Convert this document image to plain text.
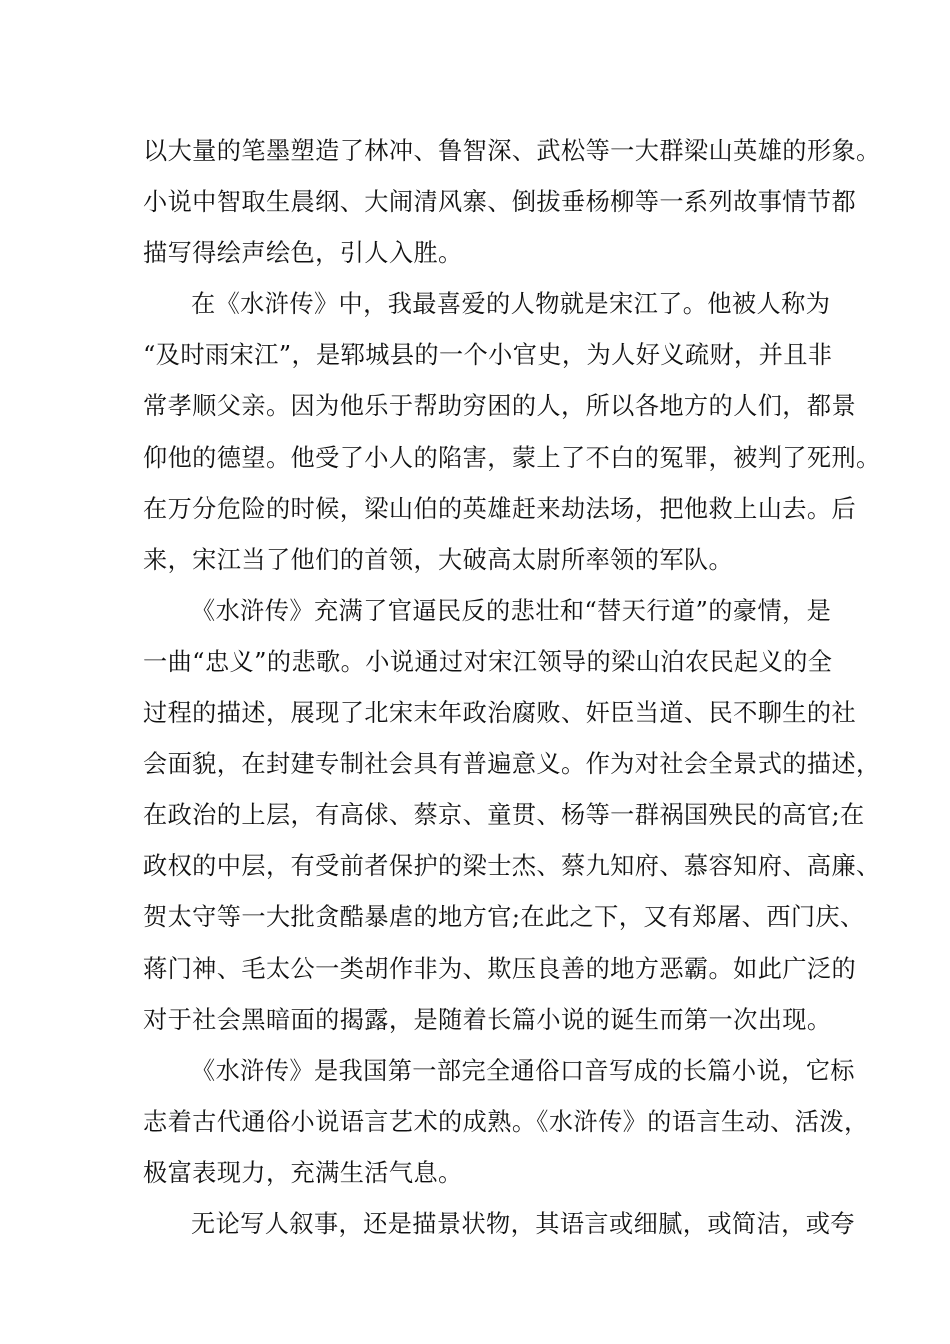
以大量的笔墨塑造了林冲、鲁智深、武松等一大群梁山英雄的形象。
小说中智取生晨纲、大闹清风寨、倒拔垂杨柳等一系列故事情节都
描写得绘声绘色，引人入胜。
在《水浒传》中，我最喜爱的人物就是宋江了。他被人称为
“及时雨宋江”，是郓城县的一个小官史，为人好义疏财，并且非
常孝顺父亲。因为他乐于帮助穷困的人，所以各地方的人们，都景
仰他的德望。他受了小人的陷害，蒙上了不白的冤罪，被判了死刑。
在万分危险的时候，梁山伯的英雄赶来劫法场，把他救上山去。后
来，宋江当了他们的首领，大破高太尉所率领的军队。
《水浒传》充满了官逼民反的悲壮和“替天行道”的豪情，是
一曲“忠义”的悲歌。小说通过对宋江领导的梁山泊农民起义的全
过程的描述，展现了北宋末年政治腐败、奸臣当道、民不聊生的社
会面貌，在封建专制社会具有普遍意义。作为对社会全景式的描述，
在政治的上层，有高俅、蔡京、童贯、杨等一群祸国殃民的高官;在
政权的中层，有受前者保护的梁士杰、蔡九知府、慕容知府、高廉、
贺太守等一大批贪酷暴虐的地方官;在此之下，又有郑屠、西门庆、
蒋门神、毛太公一类胡作非为、欺压良善的地方恶霸。如此广泛的
对于社会黑暗面的揭露，是随着长篇小说的诞生而第一次出现。
《水浒传》是我国第一部完全通俗口音写成的长篇小说，它标
志着古代通俗小说语言艺术的成熟。《水浒传》的语言生动、活泼，
极富表现力，充满生活气息。
无论写人叙事，还是描景状物，其语言或细腻，或简洁，或夸
